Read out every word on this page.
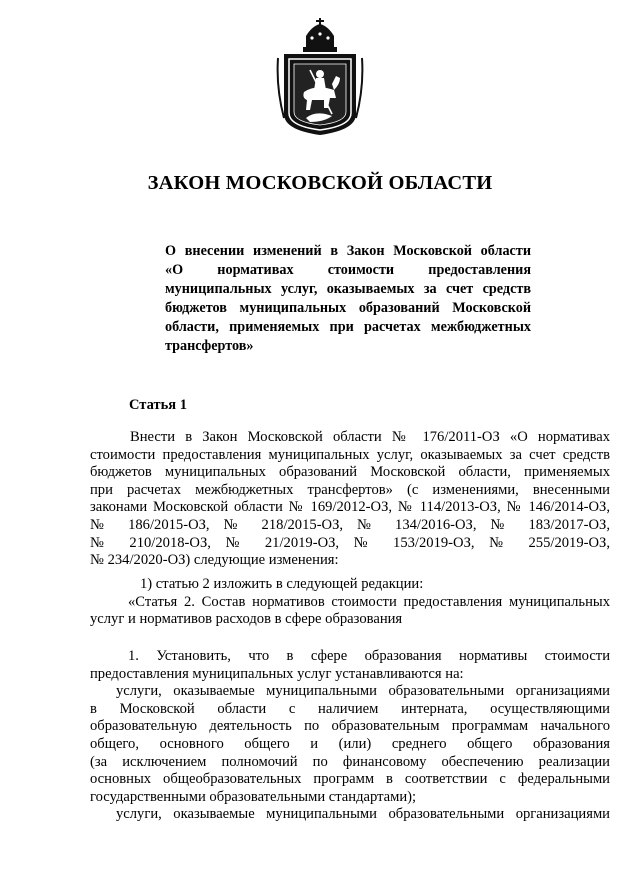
ЗАКОН МОСКОВСКОЙ ОБЛАСТИ
О внесении изменений в Закон Московской области
«О нормативах стоимости предоставления
муниципальных услуг, оказываемых за счет средств
бюджетов муниципальных образований Московской
области, применяемых при расчетах межбюджетных
трансфертов»
Статья 1
Внести в Закон Московской области № 176/2011-ОЗ «О нормативах
стоимости предоставления муниципальных услуг, оказываемых за счет средств
бюджетов муниципальных образований Московской области, применяемых
при расчетах межбюджетных трансфертов» (с изменениями, внесенными
законами Московской области № 169/2012-ОЗ, № 114/2013-ОЗ, № 146/2014-ОЗ,
№ 186/2015-ОЗ, № 218/2015-ОЗ, № 134/2016-ОЗ, № 183/2017-ОЗ,
№ 210/2018-ОЗ, № 21/2019-ОЗ, № 153/2019-ОЗ, № 255/2019-ОЗ,
№ 234/2020-ОЗ) следующие изменения:
1) статью 2 изложить в следующей редакции:
«Статья 2. Состав нормативов стоимости предоставления муниципальных
услуг и нормативов расходов в сфере образования
1. Установить, что в сфере образования нормативы стоимости
предоставления муниципальных услуг устанавливаются на:
услуги, оказываемые муниципальными образовательными организациями
в Московской области с наличием интерната, осуществляющими
образовательную деятельность по образовательным программам начального
общего, основного общего и (или) среднего общего образования
(за исключением полномочий по финансовому обеспечению реализации
основных общеобразовательных программ в соответствии с федеральными
государственными образовательными стандартами);
услуги, оказываемые муниципальными образовательными организациями
